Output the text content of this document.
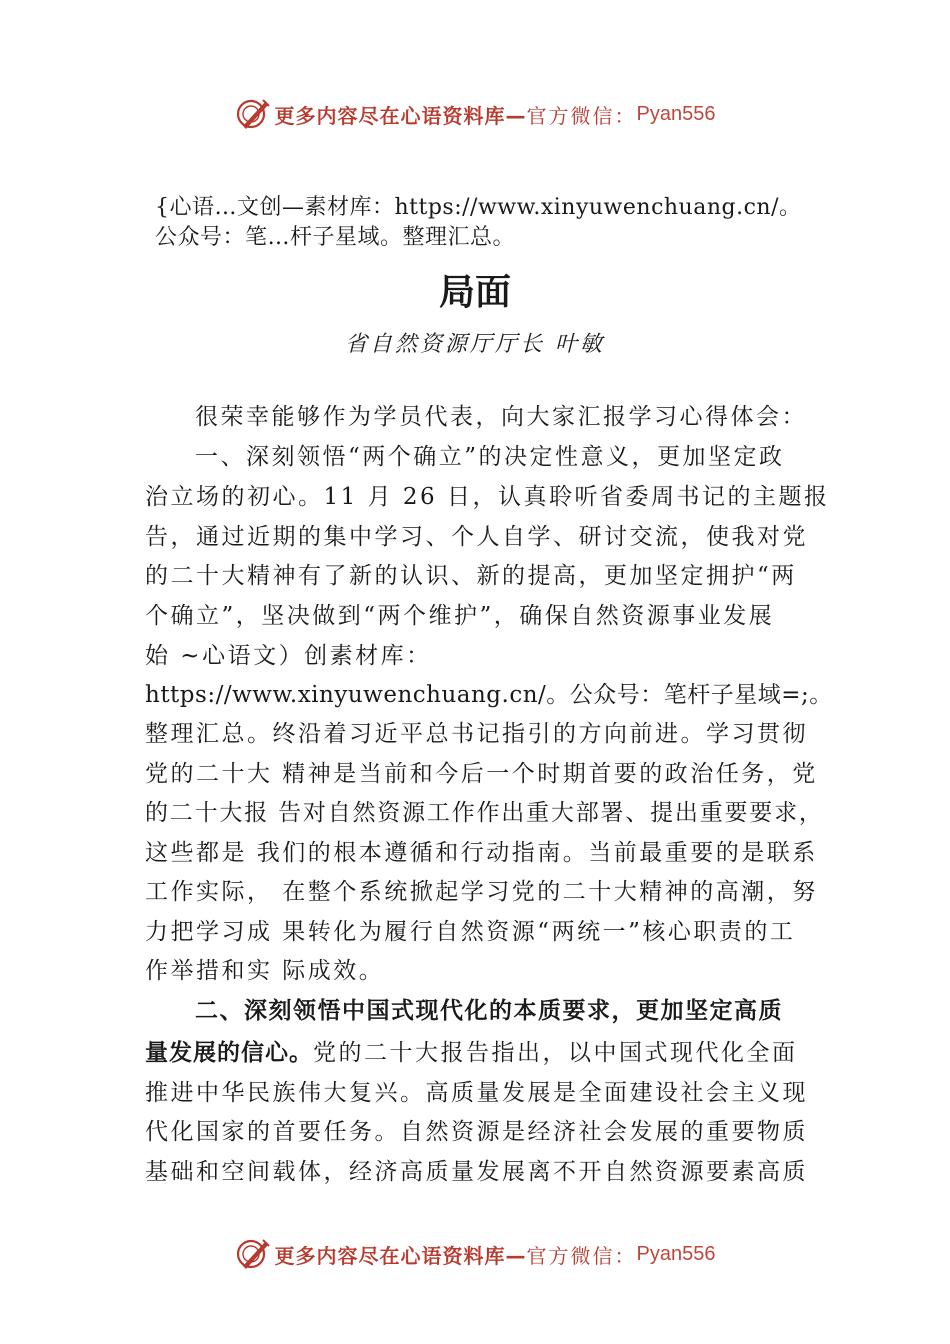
更多内容尽在心语资料库— 官方微信： Pyan556
{心语…文创—素材库：https://www.xinyuwenchuang.cn/。
公众号：笔…杆子星域。整理汇总。
局面
省自然资源厅厅长 叶敏
很荣幸能够作为学员代表，向大家汇报学习心得体会：
一、深刻领悟“两个确立”的决定性意义，更加坚定政
治立场的初心。11 月 26 日，认真聆听省委周书记的主题报
告，通过近期的集中学习、个人自学、研讨交流，使我对党
的二十大精神有了新的认识、新的提高，更加坚定拥护“两
个确立”，坚决做到“两个维护”，确保自然资源事业发展
始 ~心语文）创素材库：
https://www.xinyuwenchuang.cn/。公众号：笔杆子星域=;。
整理汇总。终沿着习近平总书记指引的方向前进。学习贯彻
党的二十大 精神是当前和今后一个时期首要的政治任务，党
的二十大报 告对自然资源工作作出重大部署、提出重要要求，
这些都是 我们的根本遵循和行动指南。当前最重要的是联系
工作实际， 在整个系统掀起学习党的二十大精神的高潮，努
力把学习成 果转化为履行自然资源“两统一”核心职责的工
作举措和实 际成效。
二、深刻领悟中国式现代化的本质要求，更加坚定高质
量发展的信心。党的二十大报告指出，以中国式现代化全面
推进中华民族伟大复兴。高质量发展是全面建设社会主义现
代化国家的首要任务。自然资源是经济社会发展的重要物质
基础和空间载体，经济高质量发展离不开自然资源要素高质
更多内容尽在心语资料库— 官方微信： Pyan556
